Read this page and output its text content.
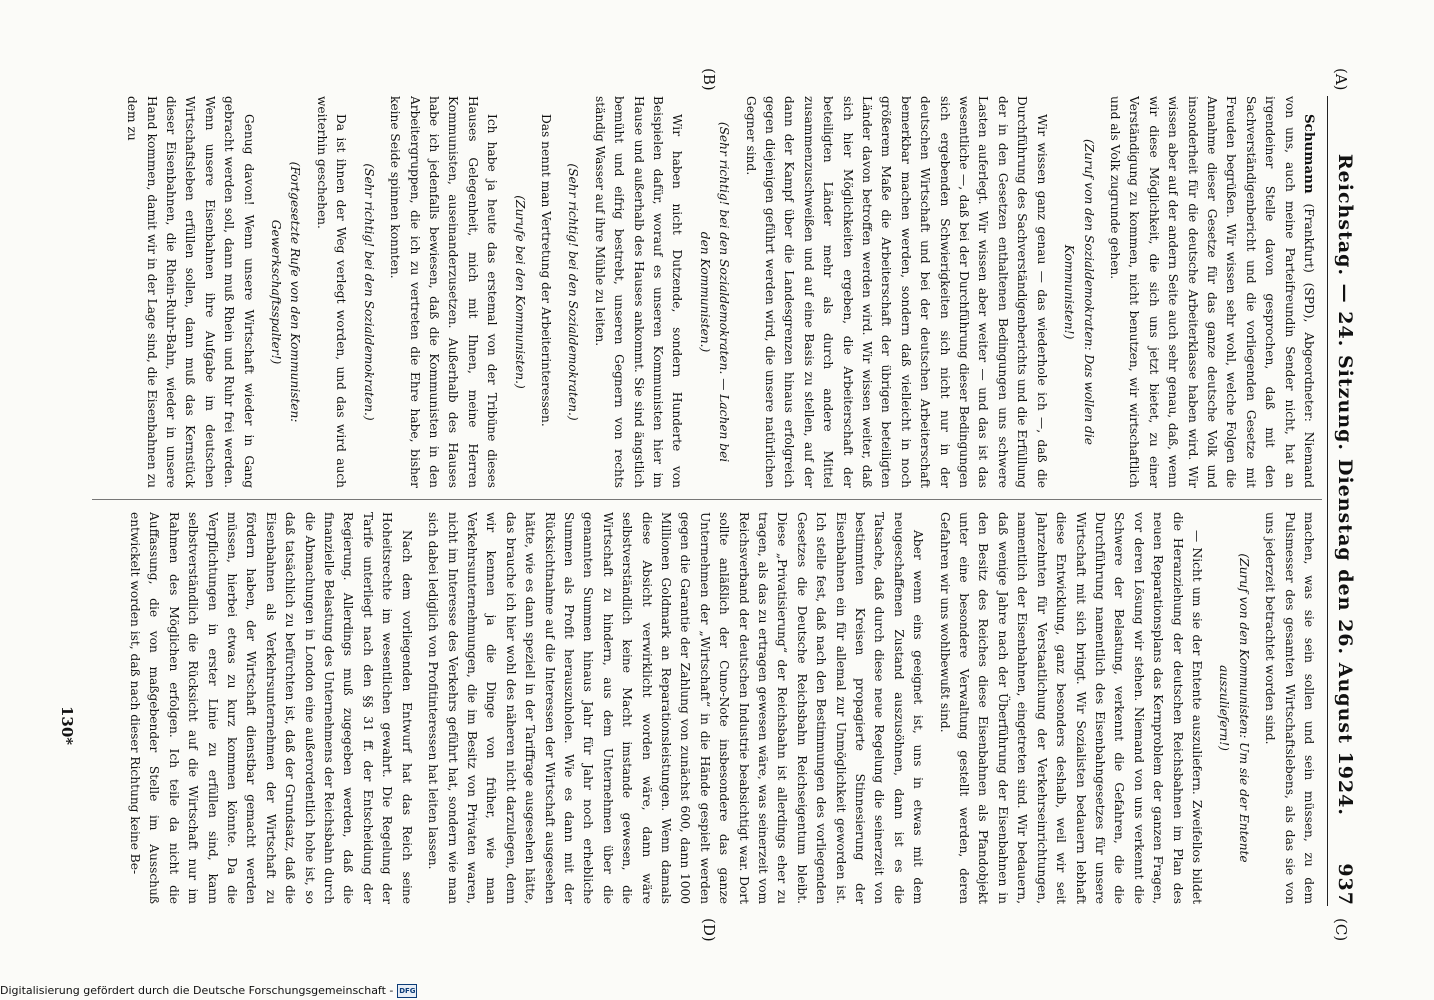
Reichstag. — 24. Sitzung.
Dienstag den 26. August 1924.
937
(A)
(B)
(C)
(D)

Schumann (Frankfurt) (SPD), Abgeordneter: Niemand von uns, auch meine Parteifreundin Sender nicht, hat an irgendeiner Stelle davon gesprochen, daß mit den Sachverständigenbericht und die vorliegenden Gesetze mit Freuden begrüßen. Wir wissen sehr wohl, welche Folgen die Annahme dieser Gesetze für das ganze deutsche Volk und insonderheit für die deutsche Arbeiterklasse haben wird. Wir wissen aber auf der andern Seite auch sehr genau, daß, wenn wir diese Möglichkeit, die sich uns jetzt bietet, zu einer Verständigung zu kommen, nicht benutzen, wir wirtschaftlich und als Volk zugrunde gehen.

(Zuruf von den Sozialdemokraten: Das wollen die Kommunisten!)

Wir wissen ganz genau — das wiederhole ich —, daß die Durchführung des Sachverständigenberichts und die Erfüllung der in den Gesetzen enthaltenen Bedingungen uns schwere Lasten auferlegt. Wir wissen aber weiter — und das ist das wesentliche —, daß bei der Durchführung dieser Bedingungen sich ergebenden Schwierigkeiten sich nicht nur in der deutschen Wirtschaft und bei der deutschen Arbeiterschaft bemerkbar machen werden, sondern daß vielleicht in noch größerem Maße die Arbeiterschaft der übrigen beteiligten Länder davon betroffen werden wird. Wir wissen weiter, daß sich hier Möglichkeiten ergeben, die Arbeiterschaft der beteiligten Länder mehr als durch andere Mittel zusammenzuschweißen und auf eine Basis zu stellen, auf der dann der Kampf über die Landesgrenzen hinaus erfolgreich gegen diejenigen geführt werden wird, die unsere natürlichen Gegner sind.

(Sehr richtig! bei den Sozialdemokraten. — Lachen bei den Kommunisten.)

Wir haben nicht Dutzende, sondern Hunderte von Beispielen dafür, worauf es unseren Kommunisten hier im Hause und außerhalb des Hauses ankommt. Sie sind ängstlich bemüht und eifrig bestrebt, unseren Gegnern von rechts ständig Wasser auf ihre Mühle zu leiten.

(Sehr richtig! bei den Sozialdemokraten.)

Das nennt man Vertretung der Arbeiterinteressen.

(Zurufe bei den Kommunisten.)

Ich habe ja heute das erstemal von der Tribüne dieses Hauses Gelegenheit, mich mit Ihnen, meine Herren Kommunisten, auseinanderzusetzen. Außerhalb des Hauses habe ich jedenfalls bewiesen, daß die Kommunisten in den Arbeitergruppen, die ich zu vertreten die Ehre habe, bisher keine Seide spinnen konnten.

(Sehr richtig! bei den Sozialdemokraten.)

Da ist ihnen der Weg verlegt worden, und das wird auch weiterhin geschehen.

(Fortgesetzte Rufe von den Kommunisten: Gewerkschaftsspalter!)

Genug davon! Wenn unsere Wirtschaft wieder in Gang gebracht werden soll, dann muß Rhein und Ruhr frei werden. Wenn unsere Eisenbahnen ihre Aufgabe im deutschen Wirtschaftsleben erfüllen sollen, dann muß das Kernstück dieser Eisenbahnen, die Rhein-Ruhr-Bahn, wieder in unsere Hand kommen, damit wir in der Lage sind, die Eisenbahnen zu dem zu

machen, was sie sein sollen und sein müssen, zu dem Pulsmesser des gesamten Wirtschaftslebens, als das sie von uns jederzeit betrachtet worden sind.

(Zuruf von den Kommunisten: Um sie der Entente auszuliefern!)

— Nicht um sie der Entente auszuliefern. Zweifellos bildet die Heranziehung der deutschen Reichsbahnen im Plan des neuen Reparationsplans das Kernproblem der ganzen Fragen, vor deren Lösung wir stehen. Niemand von uns verkennt die Schwere der Belastung, verkennt die Gefahren, die die Durchführung namentlich des Eisenbahngesetzes für unsere Wirtschaft mit sich bringt. Wir Sozialisten bedauern lebhaft diese Entwicklung, ganz besonders deshalb, weil wir seit Jahrzehnten für Verstaatlichung der Verkehrseinrichtungen, namentlich der Eisenbahnen, eingetreten sind. Wir bedauern, daß wenige Jahre nach der Überführung der Eisenbahnen in den Besitz des Reiches diese Eisenbahnen als Pfandobjekt unter eine besondere Verwaltung gestellt werden, deren Gefahren wir uns wohlbewußt sind.

Aber wenn eins geeignet ist, uns in etwas mit dem neugeschaffenen Zustand auszusöhnen, dann ist es die Tatsache, daß durch diese neue Regelung die seinerzeit von bestimmten Kreisen propagierte Stinnesierung der Eisenbahnen ein für allemal zur Unmöglichkeit geworden ist. Ich stelle fest, daß nach den Bestimmungen des vorliegenden Gesetzes die Deutsche Reichsbahn Reichseigentum bleibt. Diese „Privatisierung“ der Reichsbahn ist allerdings eher zu tragen, als das zu ertragen gewesen wäre, was seinerzeit vom Reichsverband der deutschen Industrie beabsichtigt war. Dort sollte anläßlich der Cuno-Note insbesondere das ganze Unternehmen der „Wirtschaft“ in die Hände gespielt werden gegen die Garantie der Zahlung von zunächst 600, dann 1000 Millionen Goldmark an Reparationsleistungen. Wenn damals diese Absicht verwirklicht worden wäre, dann wäre selbstverständlich keine Macht imstande gewesen, die Wirtschaft zu hindern, aus dem Unternehmen über die genannten Summen hinaus Jahr für Jahr noch erhebliche Summen als Profit herauszuholen. Wie es dann mit der Rücksichtnahme auf die Interessen der Wirtschaft ausgesehen hätte, wie es dann speziell in der Tariffrage ausgesehen hätte, das brauche ich hier wohl des näheren nicht darzulegen, denn wir kennen ja die Dinge von früher, wie man Verkehrsunternehmungen, die im Besitz von Privaten waren, nicht im Interesse des Verkehrs geführt hat, sondern wie man sich dabei lediglich von Profitinteressen hat leiten lassen.

Nach dem vorliegenden Entwurf hat das Reich seine Hoheitsrechte im wesentlichen gewahrt. Die Regelung der Tarife unterliegt nach den §§ 31 ff. der Entscheidung der Regierung. Allerdings muß zugegeben werden, daß die finanzielle Belastung des Unternehmens der Reichsbahn durch die Abmachungen in London eine außerordentlich hohe ist, so daß tatsächlich zu befürchten ist, daß der Grundsatz, daß die Eisenbahnen als Verkehrsunternehmen der Wirtschaft zu fördern haben, der Wirtschaft dienstbar gemacht werden müssen, hierbei etwas zu kurz kommen könnte. Da die Verpflichtungen in erster Linie zu erfüllen sind, kann selbstverständlich die Rücksicht auf die Wirtschaft nur im Rahmen des Möglichen erfolgen. Ich teile da nicht die Auffassung, die von maßgebender Stelle im Ausschuß entwickelt worden ist, daß nach dieser Richtung keine Be-

130*
Digitalisierung gefördert durch die Deutsche Forschungsgemeinschaft - DFG
